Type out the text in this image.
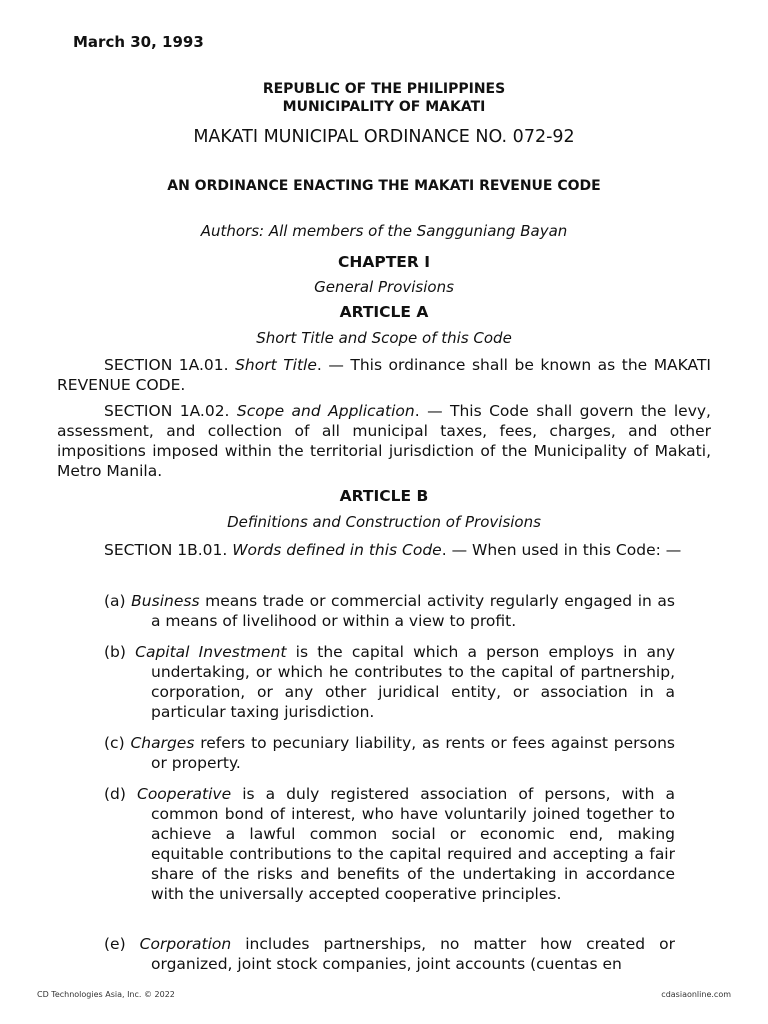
March 30, 1993

REPUBLIC OF THE PHILIPPINES

MUNICIPALITY OF MAKATI

MAKATI MUNICIPAL ORDINANCE NO. 072-92

AN ORDINANCE ENACTING THE MAKATI REVENUE CODE

Authors: All members of the Sangguniang Bayan

CHAPTER I

General Provisions

ARTICLE A

Short Title and Scope of this Code

SECTION 1A.01. Short Title. — This ordinance shall be known as the MAKATI REVENUE CODE.

SECTION 1A.02. Scope and Application. — This Code shall govern the levy, assessment, and collection of all municipal taxes, fees, charges, and other impositions imposed within the territorial jurisdiction of the Municipality of Makati, Metro Manila.

ARTICLE B

Definitions and Construction of Provisions

SECTION 1B.01. Words defined in this Code. — When used in this Code: —

(a) Business means trade or commercial activity regularly engaged in as a means of livelihood or within a view to profit.

(b) Capital Investment is the capital which a person employs in any undertaking, or which he contributes to the capital of partnership, corporation, or any other juridical entity, or association in a particular taxing jurisdiction.

(c) Charges refers to pecuniary liability, as rents or fees against persons or property.

(d) Cooperative is a duly registered association of persons, with a common bond of interest, who have voluntarily joined together to achieve a lawful common social or economic end, making equitable contributions to the capital required and accepting a fair share of the risks and benefits of the undertaking in accordance with the universally accepted cooperative principles.

(e) Corporation includes partnerships, no matter how created or organized, joint stock companies, joint accounts (cuentas en

CD Technologies Asia, Inc. © 2022	cdasiaonline.com
